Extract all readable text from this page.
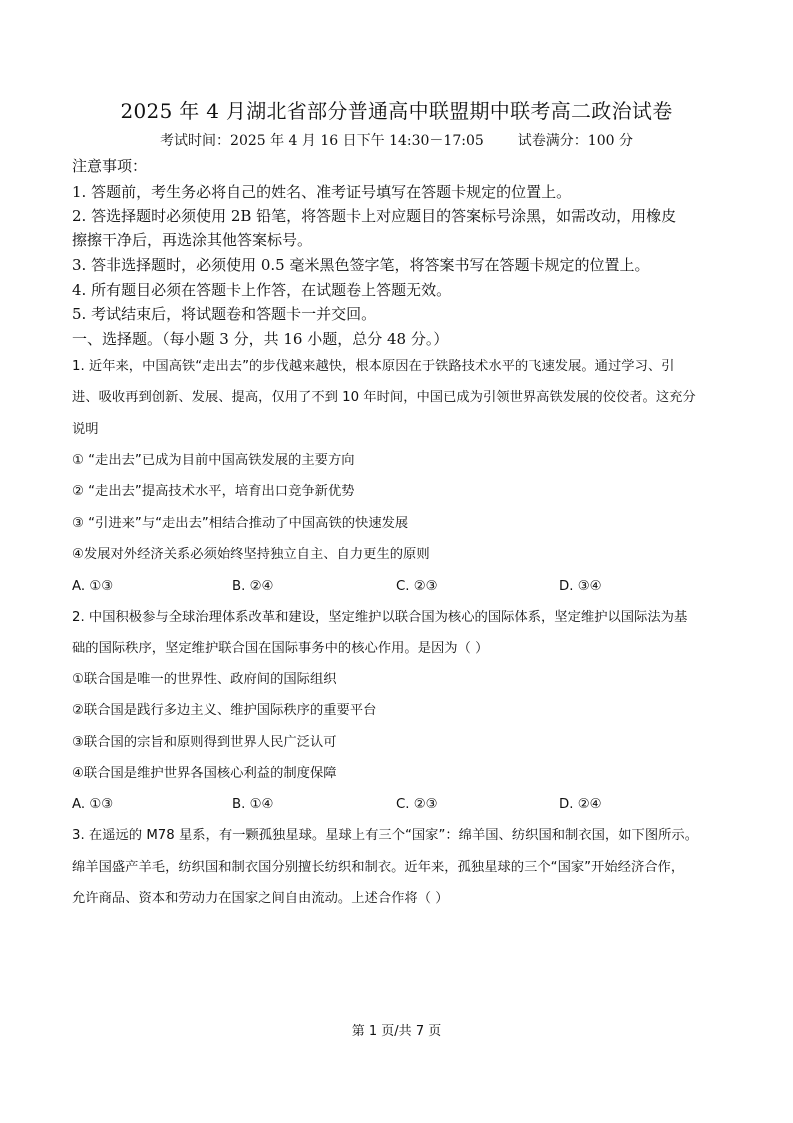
2025 年 4 月湖北省部分普通高中联盟期中联考高二政治试卷
考试时间：2025 年 4 月 16 日下午 14:30－17:05 试卷满分：100 分
注意事项：
1. 答题前，考生务必将自己的姓名、准考证号填写在答题卡规定的位置上。
2. 答选择题时必须使用 2B 铅笔，将答题卡上对应题目的答案标号涂黑，如需改动，用橡皮
擦擦干净后，再选涂其他答案标号。
3. 答非选择题时，必须使用 0.5 毫米黑色签字笔，将答案书写在答题卡规定的位置上。
4. 所有题目必须在答题卡上作答，在试题卷上答题无效。
5. 考试结束后，将试题卷和答题卡一并交回。
一、选择题。（每小题 3 分，共 16 小题，总分 48 分。）
1. 近年来，中国高铁“走出去”的步伐越来越快，根本原因在于铁路技术水平的飞速发展。通过学习、引
进、吸收再到创新、发展、提高，仅用了不到 10 年时间，中国已成为引领世界高铁发展的佼佼者。这充分
说明
① “走出去”已成为目前中国高铁发展的主要方向
② “走出去”提高技术水平，培育出口竞争新优势
③ “引进来”与“走出去”相结合推动了中国高铁的快速发展
④发展对外经济关系必须始终坚持独立自主、自力更生的原则
A. ①③	B. ②④	C. ②③	D. ③④
2. 中国积极参与全球治理体系改革和建设，坚定维护以联合国为核心的国际体系，坚定维护以国际法为基
础的国际秩序，坚定维护联合国在国际事务中的核心作用。是因为（ ）
①联合国是唯一的世界性、政府间的国际组织
②联合国是践行多边主义、维护国际秩序的重要平台
③联合国的宗旨和原则得到世界人民广泛认可
④联合国是维护世界各国核心利益的制度保障
A. ①③	B. ①④	C. ②③	D. ②④
3. 在遥远的 M78 星系，有一颗孤独星球。星球上有三个“国家”：绵羊国、纺织国和制衣国，如下图所示。
绵羊国盛产羊毛，纺织国和制衣国分别擅长纺织和制衣。近年来，孤独星球的三个“国家”开始经济合作，
允许商品、资本和劳动力在国家之间自由流动。上述合作将（ ）
第 1 页/共 7 页
